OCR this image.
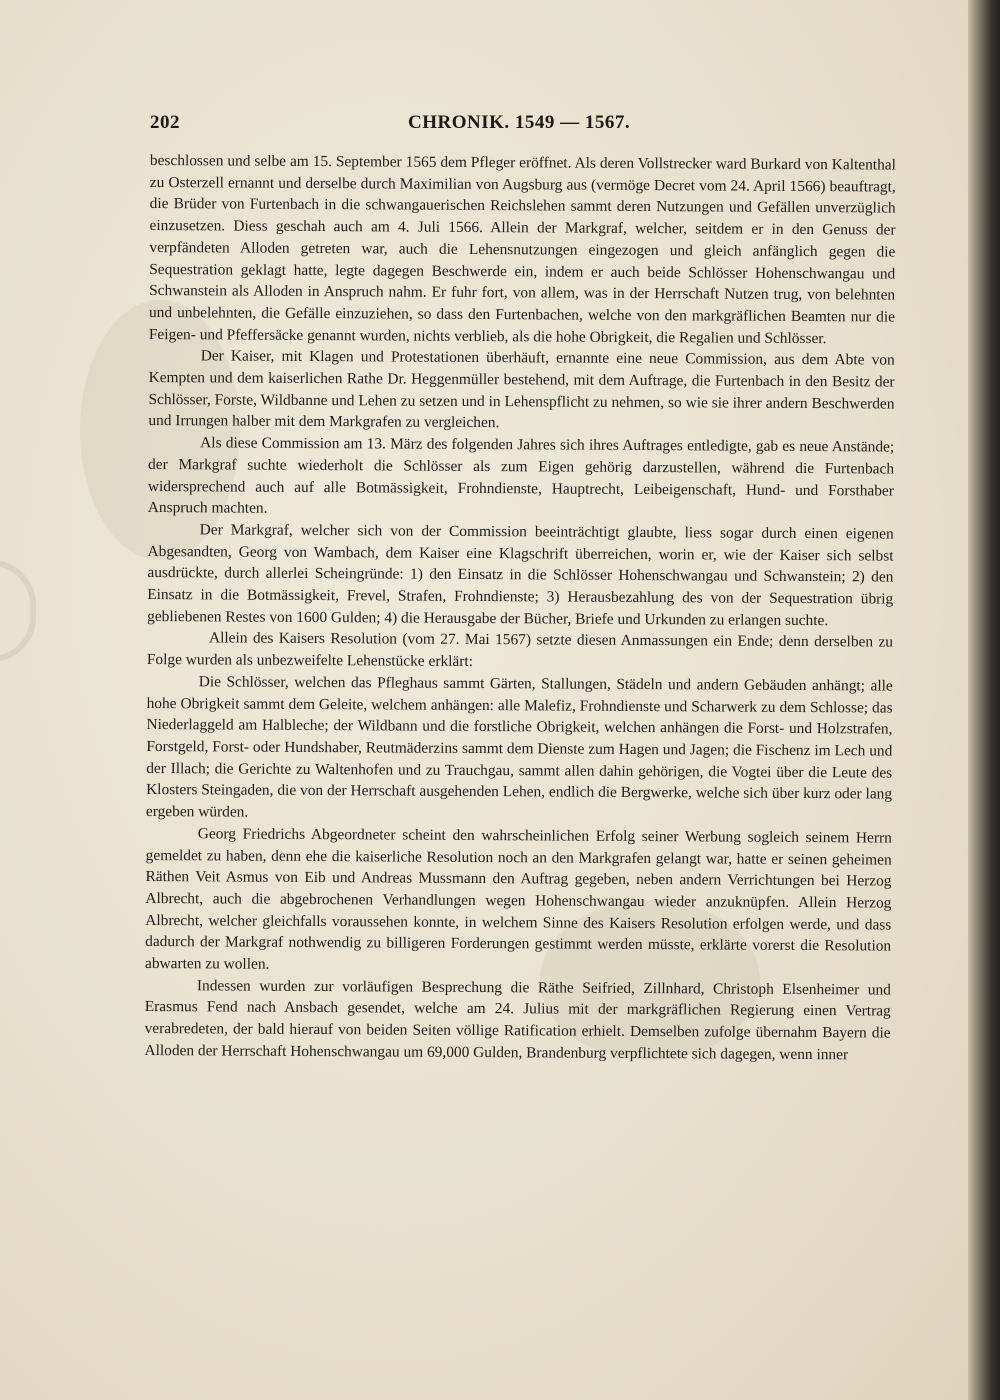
202	CHRONIK. 1549 — 1567.

beschlossen und selbe am 15. September 1565 dem Pfleger eröffnet. Als deren Vollstrecker ward Burkard von Kaltenthal zu Osterzell ernannt und derselbe durch Maximilian von Augsburg aus (vermöge Decret vom 24. April 1566) beauftragt, die Brüder von Furtenbach in die schwangauerischen Reichslehen sammt deren Nutzungen und Gefällen unverzüglich einzusetzen. Diess geschah auch am 4. Juli 1566. Allein der Markgraf, welcher, seitdem er in den Genuss der verpfändeten Alloden getreten war, auch die Lehensnutzungen eingezogen und gleich anfänglich gegen die Sequestration geklagt hatte, legte dagegen Beschwerde ein, indem er auch beide Schlösser Hohenschwangau und Schwanstein als Alloden in Anspruch nahm. Er fuhr fort, von allem, was in der Herrschaft Nutzen trug, von belehnten und unbelehnten, die Gefälle einzuziehen, so dass den Furtenbachen, welche von den markgräflichen Beamten nur die Feigen- und Pfeffersäcke genannt wurden, nichts verblieb, als die hohe Obrigkeit, die Regalien und Schlösser.

Der Kaiser, mit Klagen und Protestationen überhäuft, ernannte eine neue Commission, aus dem Abte von Kempten und dem kaiserlichen Rathe Dr. Heggenmüller bestehend, mit dem Auftrage, die Furtenbach in den Besitz der Schlösser, Forste, Wildbanne und Lehen zu setzen und in Lehenspflicht zu nehmen, so wie sie ihrer andern Beschwerden und Irrungen halber mit dem Markgrafen zu vergleichen.

Als diese Commission am 13. März des folgenden Jahres sich ihres Auftrages entledigte, gab es neue Anstände; der Markgraf suchte wiederholt die Schlösser als zum Eigen gehörig darzustellen, während die Furtenbach widersprechend auch auf alle Botmässigkeit, Frohndienste, Hauptrecht, Leibeigenschaft, Hund- und Forsthaber Anspruch machten.

Der Markgraf, welcher sich von der Commission beeinträchtigt glaubte, liess sogar durch einen eigenen Abgesandten, Georg von Wambach, dem Kaiser eine Klagschrift überreichen, worin er, wie der Kaiser sich selbst ausdrückte, durch allerlei Scheingründe: 1) den Einsatz in die Schlösser Hohenschwangau und Schwanstein; 2) den Einsatz in die Botmässigkeit, Frevel, Strafen, Frohndienste; 3) Herausbezahlung des von der Sequestration übrig gebliebenen Restes von 1600 Gulden; 4) die Herausgabe der Bücher, Briefe und Urkunden zu erlangen suchte.

Allein des Kaisers Resolution (vom 27. Mai 1567) setzte diesen Anmassungen ein Ende; denn derselben zu Folge wurden als unbezweifelte Lehenstücke erklärt:

Die Schlösser, welchen das Pfleghaus sammt Gärten, Stallungen, Städeln und andern Gebäuden anhängt; alle hohe Obrigkeit sammt dem Geleite, welchem anhängen: alle Malefiz, Frohndienste und Scharwerk zu dem Schlosse; das Niederlaggeld am Halbleche; der Wildbann und die forstliche Obrigkeit, welchen anhängen die Forst- und Holzstrafen, Forstgeld, Forst- oder Hundshaber, Reutmäderzins sammt dem Dienste zum Hagen und Jagen; die Fischenz im Lech und der Illach; die Gerichte zu Waltenhofen und zu Trauchgau, sammt allen dahin gehörigen, die Vogtei über die Leute des Klosters Steingaden, die von der Herrschaft ausgehenden Lehen, endlich die Bergwerke, welche sich über kurz oder lang ergeben würden.

Georg Friedrichs Abgeordneter scheint den wahrscheinlichen Erfolg seiner Werbung sogleich seinem Herrn gemeldet zu haben, denn ehe die kaiserliche Resolution noch an den Markgrafen gelangt war, hatte er seinen geheimen Räthen Veit Asmus von Eib und Andreas Mussmann den Auftrag gegeben, neben andern Verrichtungen bei Herzog Albrecht, auch die abgebrochenen Verhandlungen wegen Hohenschwangau wieder anzuknüpfen. Allein Herzog Albrecht, welcher gleichfalls voraussehen konnte, in welchem Sinne des Kaisers Resolution erfolgen werde, und dass dadurch der Markgraf nothwendig zu billigeren Forderungen gestimmt werden müsste, erklärte vorerst die Resolution abwarten zu wollen.

Indessen wurden zur vorläufigen Besprechung die Räthe Seifried, Zillnhard, Christoph Elsenheimer und Erasmus Fend nach Ansbach gesendet, welche am 24. Julius mit der markgräflichen Regierung einen Vertrag verabredeten, der bald hierauf von beiden Seiten völlige Ratification erhielt. Demselben zufolge übernahm Bayern die Alloden der Herrschaft Hohenschwangau um 69,000 Gulden, Brandenburg verpflichtete sich dagegen, wenn inner
